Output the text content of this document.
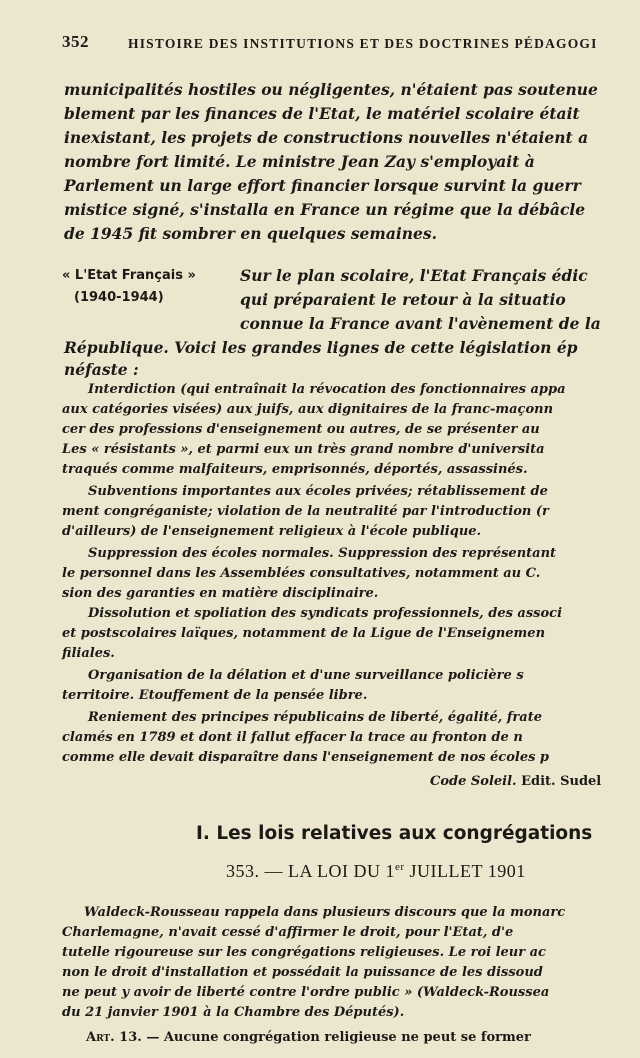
352	HISTOIRE DES INSTITUTIONS ET DES DOCTRINES PÉDAGOGI
municipalités hostiles ou négligentes, n'étaient pas soutenue
blement par les finances de l'Etat, le matériel scolaire était
inexistant, les projets de constructions nouvelles n'étaient a
nombre fort limité. Le ministre Jean Zay s'employait à
Parlement un large effort financier lorsque survint la guerr
mistice signé, s'installa en France un régime que la débâcle
de 1945 fit sombrer en quelques semaines.
« L'Etat Français »
(1940-1944)
Sur le plan scolaire, l'Etat Français édic
qui préparaient le retour à la situatio
connue la France avant l'avènement de la
République. Voici les grandes lignes de cette législation ép
néfaste :
Interdiction (qui entraînait la révocation des fonctionnaires appa
aux catégories visées) aux juifs, aux dignitaires de la franc-maçonn
cer des professions d'enseignement ou autres, de se présenter au
Les « résistants », et parmi eux un très grand nombre d'universita
traqués comme malfaiteurs, emprisonnés, déportés, assassinés.
Subventions importantes aux écoles privées; rétablissement de
ment congréganiste; violation de la neutralité par l'introduction (r
d'ailleurs) de l'enseignement religieux à l'école publique.
Suppression des écoles normales. Suppression des représentant
le personnel dans les Assemblées consultatives, notamment au C.
sion des garanties en matière disciplinaire.
Dissolution et spoliation des syndicats professionnels, des associ
et postscolaires laïques, notamment de la Ligue de l'Enseignemen
filiales.
Organisation de la délation et d'une surveillance policière s
territoire. Etouffement de la pensée libre.
Reniement des principes républicains de liberté, égalité, frate
clamés en 1789 et dont il fallut effacer la trace au fronton de n
comme elle devait disparaître dans l'enseignement de nos écoles p
Code Soleil. Edit. Sudel
I. Les lois relatives aux congrégations
353. — LA LOI DU 1er JUILLET 1901
Waldeck-Rousseau rappela dans plusieurs discours que la monarc
Charlemagne, n'avait cessé d'affirmer le droit, pour l'Etat, d'e
tutelle rigoureuse sur les congrégations religieuses. Le roi leur ac
non le droit d'installation et possédait la puissance de les dissoud
ne peut y avoir de liberté contre l'ordre public » (Waldeck-Roussea
du 21 janvier 1901 à la Chambre des Députés).
Art. 13. — Aucune congrégation religieuse ne peut se former
